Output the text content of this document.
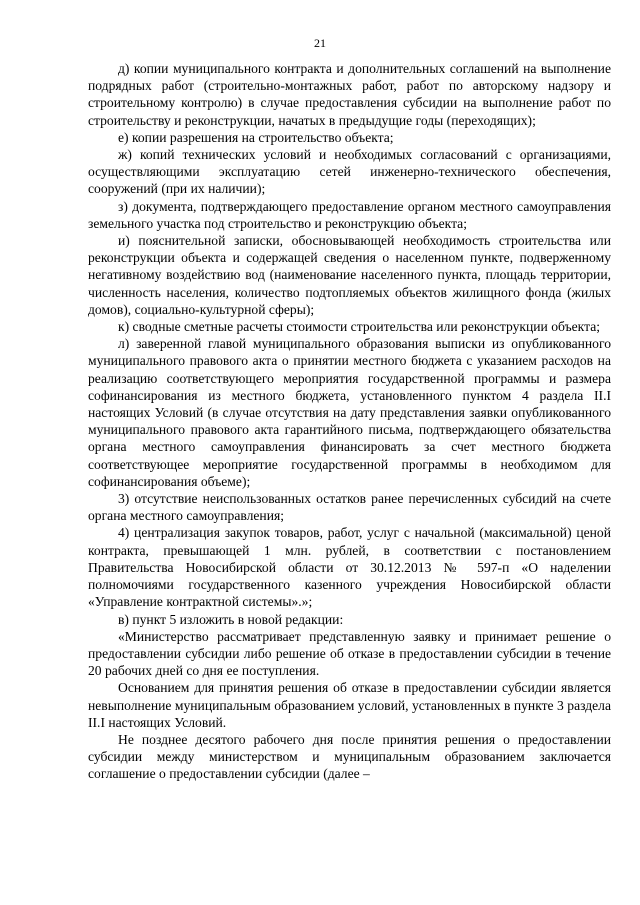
21

д) копии муниципального контракта и дополнительных соглашений на выполнение подрядных работ (строительно-монтажных работ, работ по авторскому надзору и строительному контролю) в случае предоставления субсидии на выполнение работ по строительству и реконструкции, начатых в предыдущие годы (переходящих);

е) копии разрешения на строительство объекта;

ж) копий технических условий и необходимых согласований с организациями, осуществляющими эксплуатацию сетей инженерно-технического обеспечения, сооружений (при их наличии);

з) документа, подтверждающего предоставление органом местного самоуправления земельного участка под строительство и реконструкцию объекта;

и) пояснительной записки, обосновывающей необходимость строительства или реконструкции объекта и содержащей сведения о населенном пункте, подверженному негативному воздействию вод (наименование населенного пункта, площадь территории, численность населения, количество подтопляемых объектов жилищного фонда (жилых домов), социально-культурной сферы);

к) сводные сметные расчеты стоимости строительства или реконструкции объекта;

л) заверенной главой муниципального образования выписки из опубликованного муниципального правового акта о принятии местного бюджета с указанием расходов на реализацию соответствующего мероприятия государственной программы и размера софинансирования из местного бюджета, установленного пунктом 4 раздела II.I настоящих Условий (в случае отсутствия на дату представления заявки опубликованного муниципального правового акта гарантийного письма, подтверждающего обязательства органа местного самоуправления финансировать за счет местного бюджета соответствующее мероприятие государственной программы в необходимом для софинансирования объеме);

3) отсутствие неиспользованных остатков ранее перечисленных субсидий на счете органа местного самоуправления;

4) централизация закупок товаров, работ, услуг с начальной (максимальной) ценой контракта, превышающей 1 млн. рублей, в соответствии с постановлением Правительства Новосибирской области от 30.12.2013 № 597-п «О наделении полномочиями государственного казенного учреждения Новосибирской области «Управление контрактной системы».»;

в) пункт 5 изложить в новой редакции:

«Министерство рассматривает представленную заявку и принимает решение о предоставлении субсидии либо решение об отказе в предоставлении субсидии в течение 20 рабочих дней со дня ее поступления.

Основанием для принятия решения об отказе в предоставлении субсидии является невыполнение муниципальным образованием условий, установленных в пункте 3 раздела II.I настоящих Условий.

Не позднее десятого рабочего дня после принятия решения о предоставлении субсидии между министерством и муниципальным образованием заключается соглашение о предоставлении субсидии (далее –
